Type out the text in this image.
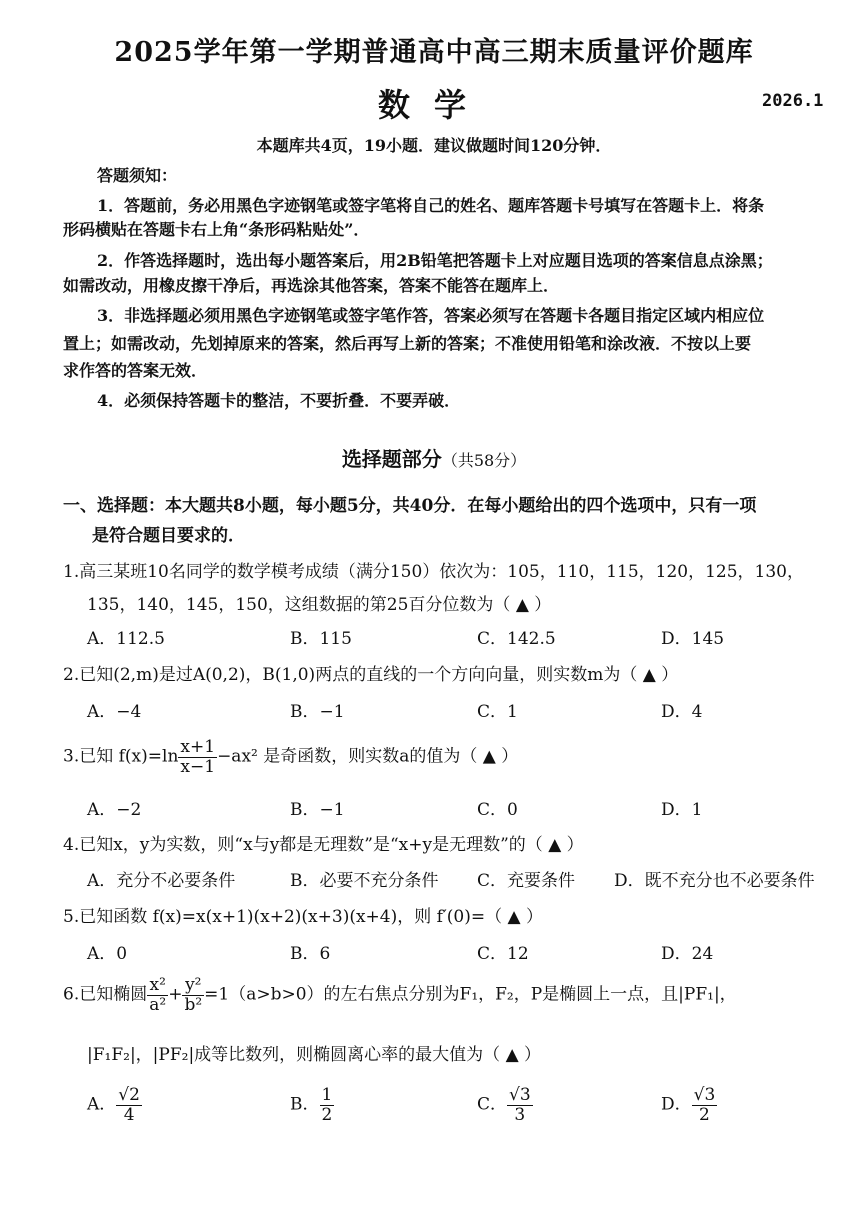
2025学年第一学期普通高中高三期末质量评价题库
数学	2026.1
本题库共4页，19小题．建议做题时间120分钟．
答题须知：
1．答题前，务必用黑色字迹钢笔或签字笔将自己的姓名、题库答题卡号填写在答题卡上．将条
形码横贴在答题卡右上角“条形码粘贴处”．
2．作答选择题时，选出每小题答案后，用2B铅笔把答题卡上对应题目选项的答案信息点涂黑；
如需改动，用橡皮擦干净后，再选涂其他答案，答案不能答在题库上．
3．非选择题必须用黑色字迹钢笔或签字笔作答，答案必须写在答题卡各题目指定区域内相应位
置上；如需改动，先划掉原来的答案，然后再写上新的答案；不准使用铅笔和涂改液．不按以上要
求作答的答案无效．
4．必须保持答题卡的整洁，不要折叠．不要弄破．
选择题部分（共58分）
一、选择题：本大题共8小题，每小题5分，共40分．在每小题给出的四个选项中，只有一项
是符合题目要求的．
1.高三某班10名同学的数学模考成绩（满分150）依次为：105，110，115，120，125，130，
135，140，145，150，这组数据的第25百分位数为（ ▲ ）
A．112.5	B．115	C．142.5	D．145
2.已知(2,m)是过A(0,2)，B(1,0)两点的直线的一个方向向量，则实数m为（ ▲ ）
A．−4	B．−1	C．1	D．4
3.已知 $f(x)=\ln \frac{x+1}{x-1} -ax^2$ 是奇函数，则实数a的值为（ ▲ ）
A．−2	B．−1	C．0	D．1
4.已知x，y为实数，则“x与y都是无理数”是“x+y是无理数”的（ ▲ ）
A．充分不必要条件	B．必要不充分条件 C．充要条件 D．既不充分也不必要条件
5.已知函数 f(x)=x(x+1)(x+2)(x+3)(x+4)，则 f′(0)=（ ▲ ）
A．0	B．6	C．12	D．24
6.已知椭圆 $\frac{\text{x²}}{\text{a²}} + \frac{\text{y²}}{\text{b²}} =1(a>b>0)$的左右焦点分别为F₁，F₂，P是椭圆上一点，且|PF₁|，
|F₁F₂|，|PF₂|成等比数列，则椭圆离心率的最大值为（ ▲ ）
A． $\frac{√2}{4}$	B． $\frac{1}{2}$	C． $\frac{√3}{3}$	D． $\frac{√3}{2}$
